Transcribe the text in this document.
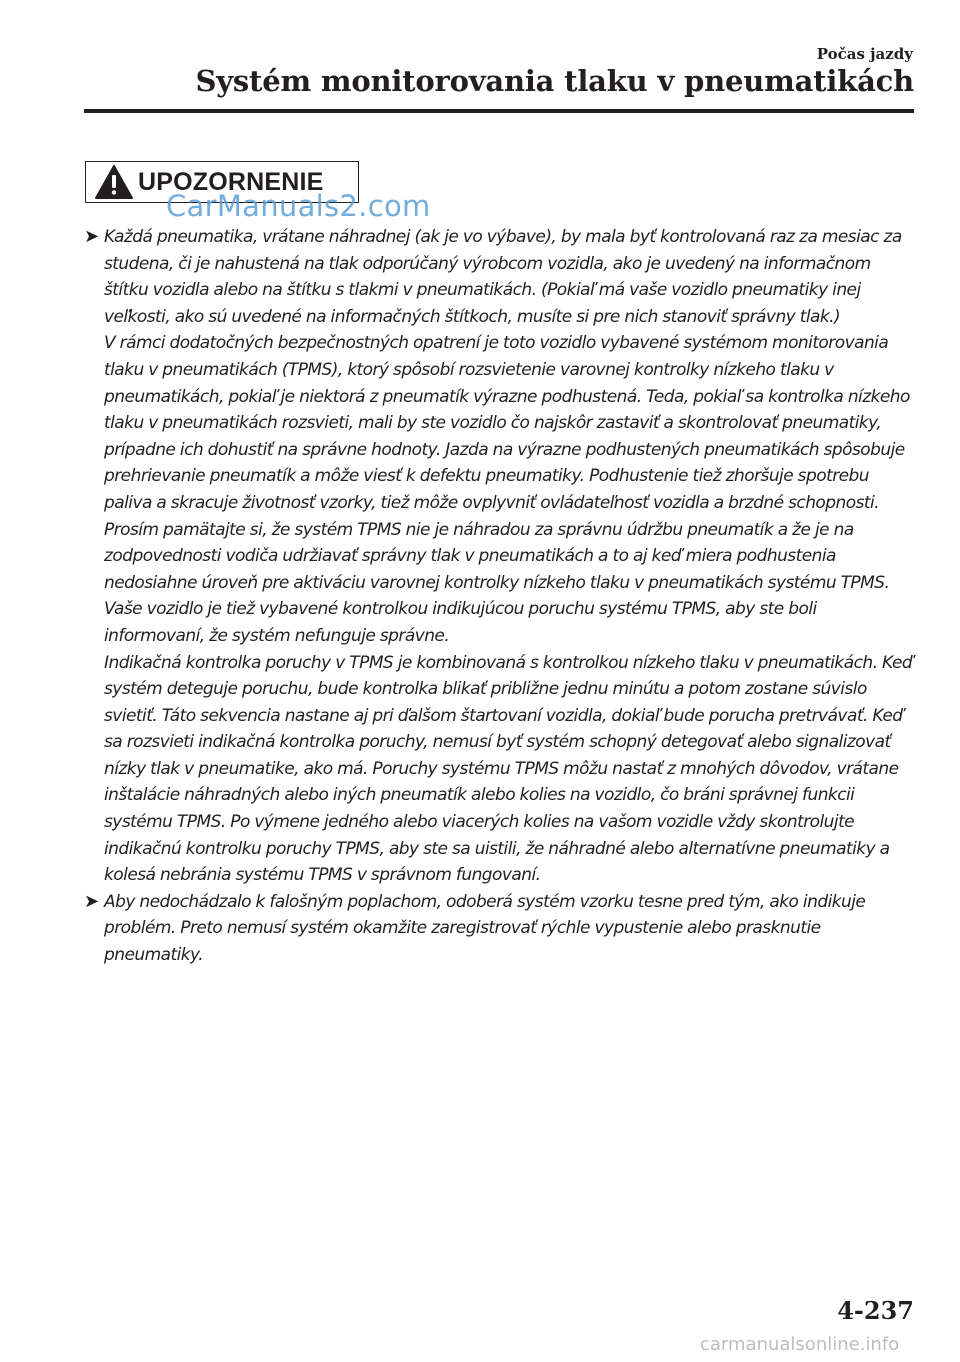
Počas jazdy
Systém monitorovania tlaku v pneumatikách
UPOZORNENIE
CarManuals2.com
➤ Každá pneumatika, vrátane náhradnej (ak je vo výbave), by mala byť kontrolovaná raz za mesiac za studena, či je nahustená na tlak odporúčaný výrobcom vozidla, ako je uvedený na informačnom štítku vozidla alebo na štítku s tlakmi v pneumatikách. (Pokiaľ má vaše vozidlo pneumatiky inej veľkosti, ako sú uvedené na informačných štítkoch, musíte si pre nich stanoviť správny tlak.)

V rámci dodatočných bezpečnostných opatrení je toto vozidlo vybavené systémom monitorovania tlaku v pneumatikách (TPMS), ktorý spôsobí rozsvietenie varovnej kontrolky nízkeho tlaku v pneumatikách, pokiaľ je niektorá z pneumatík výrazne podhustená. Teda, pokiaľ sa kontrolka nízkeho tlaku v pneumatikách rozsvieti, mali by ste vozidlo čo najskôr zastaviť a skontrolovať pneumatiky, prípadne ich dohustiť na správne hodnoty. Jazda na výrazne podhustených pneumatikách spôsobuje prehrievanie pneumatík a môže viesť k defektu pneumatiky. Podhustenie tiež zhoršuje spotrebu paliva a skracuje životnosť vzorky, tiež môže ovplyvniť ovládateľnosť vozidla a brzdné schopnosti.

Prosím pamätajte si, že systém TPMS nie je náhradou za správnu údržbu pneumatík a že je na zodpovednosti vodiča udržiavať správny tlak v pneumatikách a to aj keď miera podhustenia nedosiahne úroveň pre aktiváciu varovnej kontrolky nízkeho tlaku v pneumatikách systému TPMS.

Vaše vozidlo je tiež vybavené kontrolkou indikujúcou poruchu systému TPMS, aby ste boli informovaní, že systém nefunguje správne.

Indikačná kontrolka poruchy v TPMS je kombinovaná s kontrolkou nízkeho tlaku v pneumatikách. Keď systém deteguje poruchu, bude kontrolka blikať približne jednu minútu a potom zostane súvislo svietiť. Táto sekvencia nastane aj pri ďalšom štartovaní vozidla, dokiaľ bude porucha pretrvávať. Keď sa rozsvieti indikačná kontrolka poruchy, nemusí byť systém schopný detegovať alebo signalizovať nízky tlak v pneumatike, ako má. Poruchy systému TPMS môžu nastať z mnohých dôvodov, vrátane inštalácie náhradných alebo iných pneumatík alebo kolies na vozidlo, čo bráni správnej funkcii systému TPMS. Po výmene jedného alebo viacerých kolies na vašom vozidle vždy skontrolujte indikačnú kontrolku poruchy TPMS, aby ste sa uistili, že náhradné alebo alternatívne pneumatiky a kolesá nebránia systému TPMS v správnom fungovaní.

➤ Aby nedochádzalo k falošným poplachom, odoberá systém vzorku tesne pred tým, ako indikuje problém. Preto nemusí systém okamžite zaregistrovať rýchle vypustenie alebo prasknutie pneumatiky.

4-237
carmanualsonline.info
